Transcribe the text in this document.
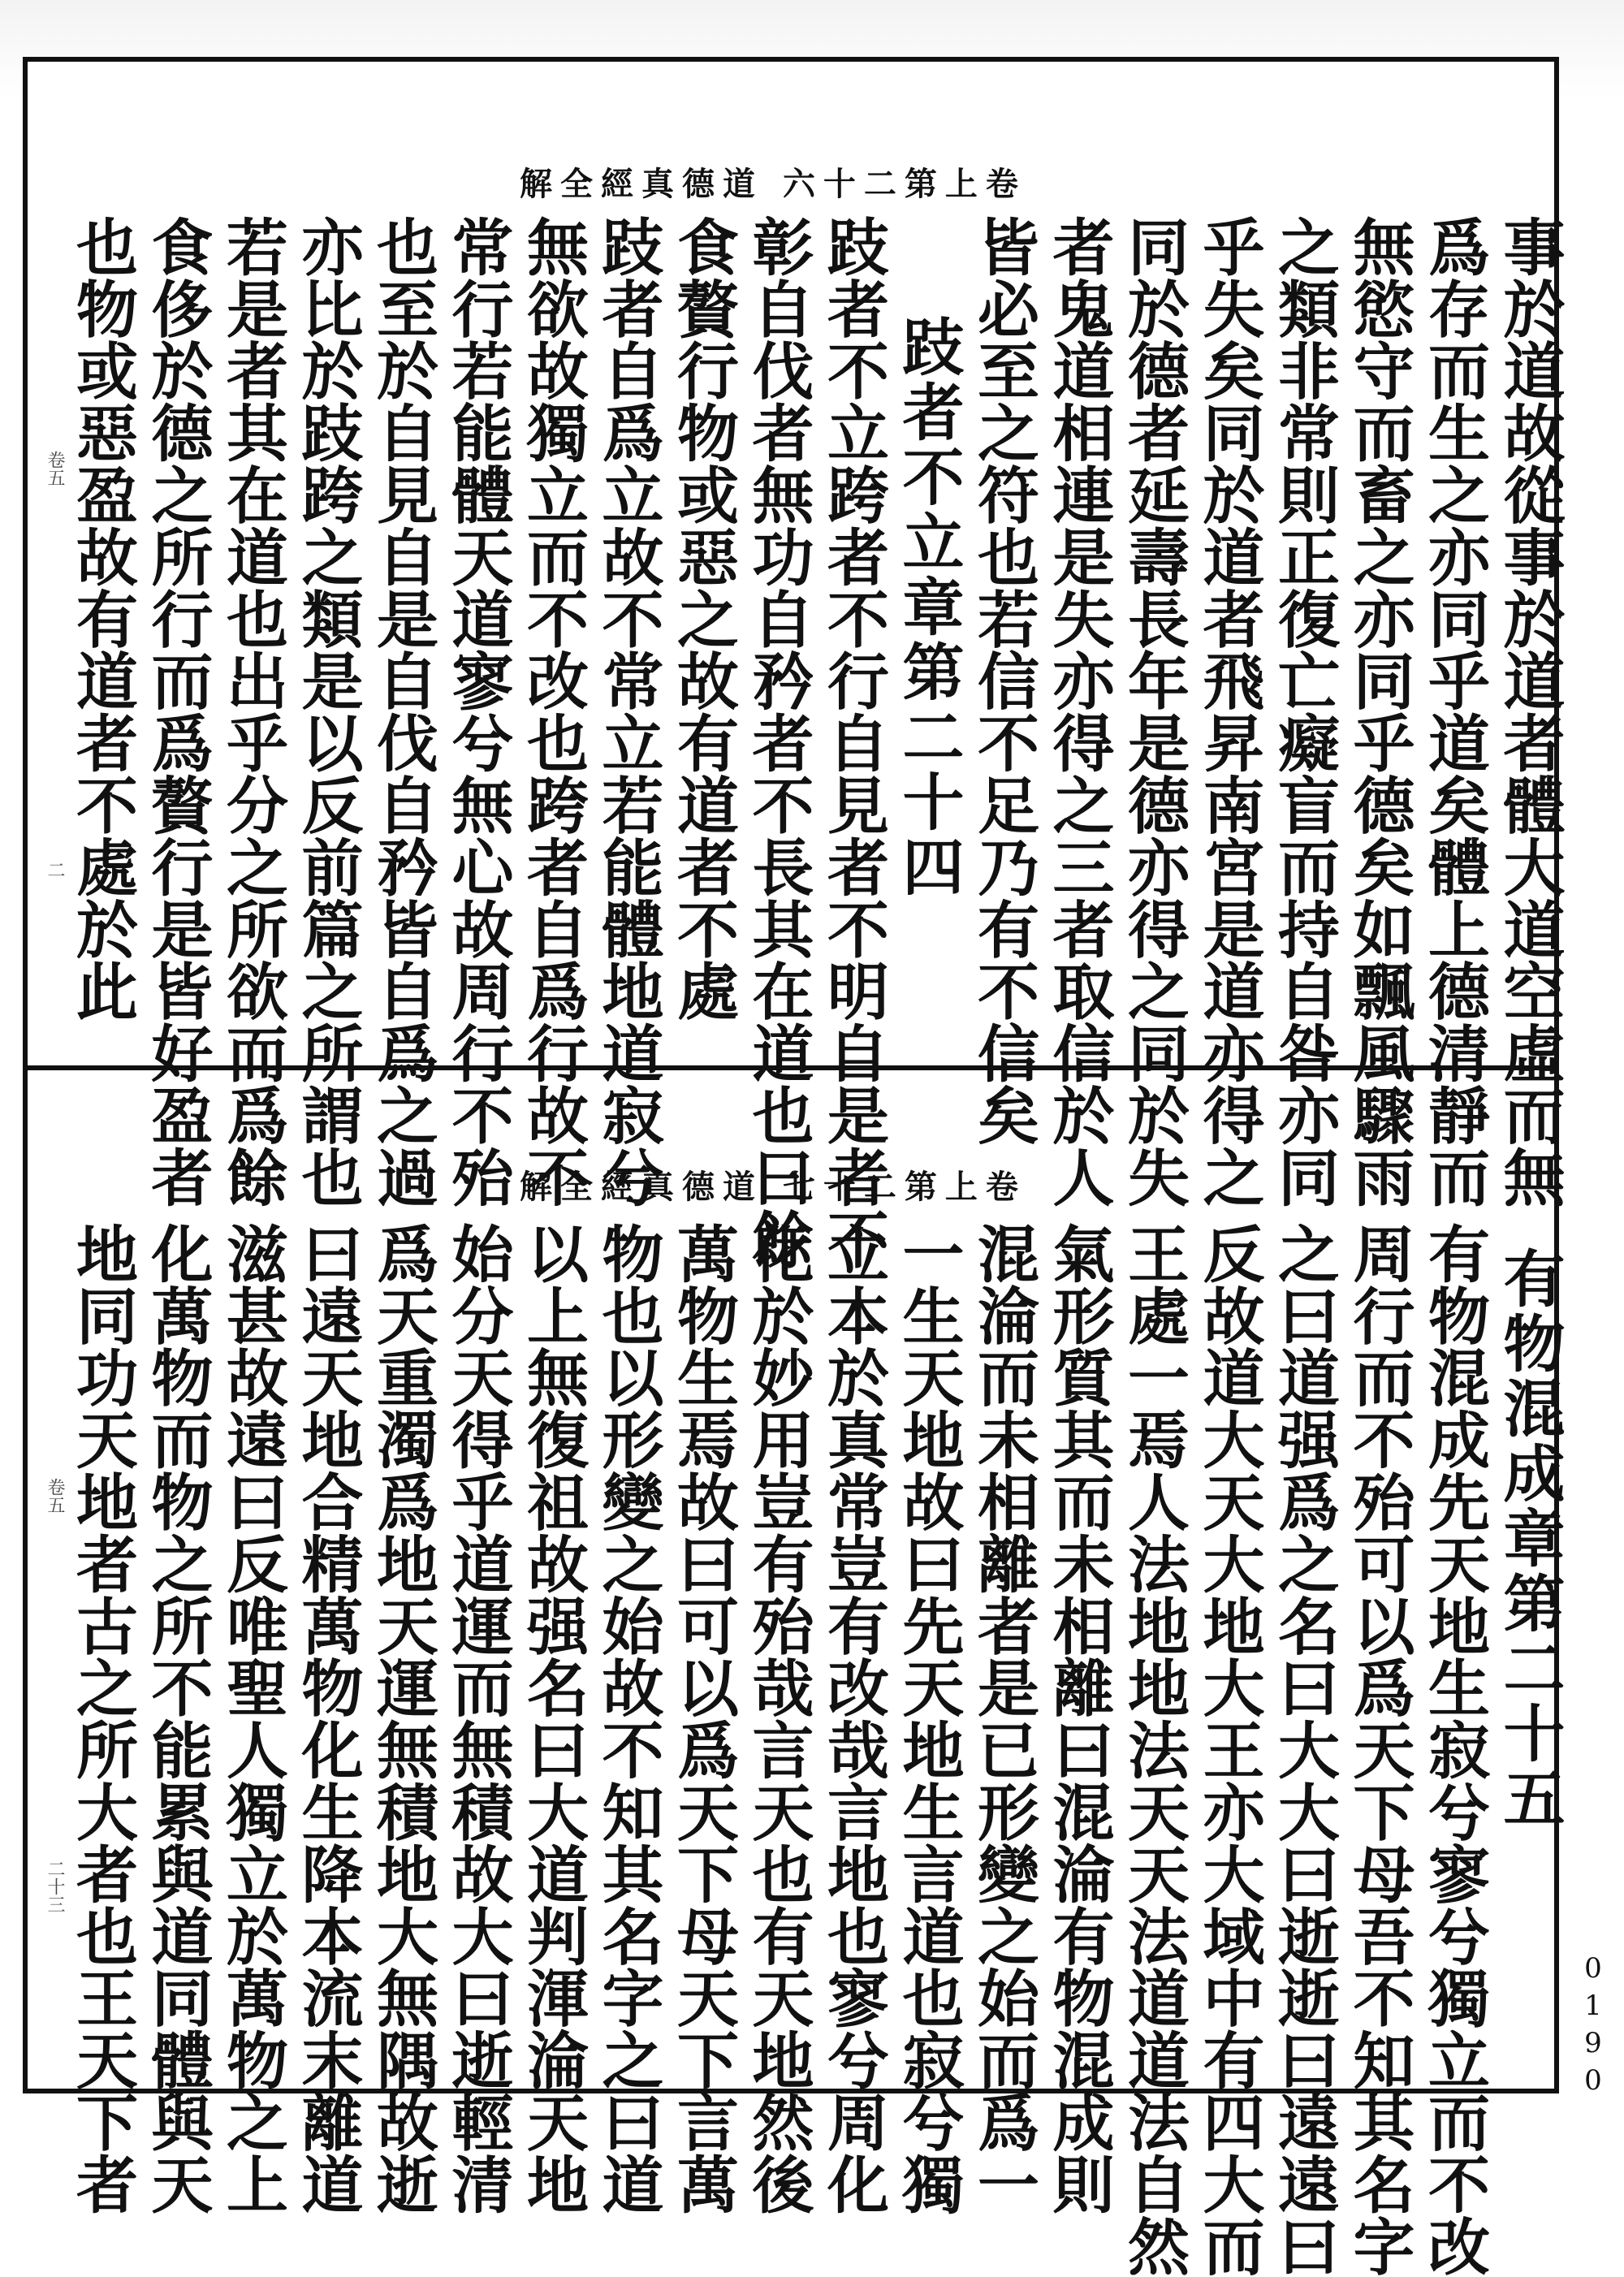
卷上第二十六 道德真經全解
事於道故從事於道者體大道空虛而無
爲存而生之亦同乎道矣體上德清靜而
無慾守而畜之亦同乎德矣如飄風驟雨
之類非常則正復亡癡盲而持自咎亦同
乎失矣同於道者飛昇南宮是道亦得之
同於德者延壽長年是德亦得之同於失
者鬼道相連是失亦得之三者取信於人
皆必至之符也若信不足乃有不信矣
跂者不立章第二十四
跂者不立跨者不行自見者不明自是者不
彰自伐者無功自矜者不長其在道也曰餘
食贅行物或惡之故有道者不處
跂者自爲立故不常立若能體地道寂兮
無欲故獨立而不改也跨者自爲行故不
常行若能體天道寥兮無心故周行不殆
也至於自見自是自伐自矜皆自爲之過
亦比於跂跨之類是以反前篇之所謂也
若是者其在道也出乎分之所欲而爲餘
食侈於德之所行而爲贅行是皆好盈者
也物或惡盈故有道者不處於此
卷五
二
卷上第二十七 道德真經全解
有物混成章第二十五
有物混成先天地生寂兮寥兮獨立而不改
周行而不殆可以爲天下母吾不知其名字
之曰道强爲之名曰大大曰逝逝曰遠遠曰
反故道大天大地大王亦大域中有四大而
王處一焉人法地地法天天法道道法自然
氣形質其而未相離曰混淪有物混成則
混淪而未相離者是已形變之始而爲一
一生天地故曰先天地生言道也寂兮獨
立本於真常豈有改哉言地也寥兮周化
化於妙用豈有殆哉言天也有天地然後
萬物生焉故曰可以爲天下母天下言萬
物也以形變之始故不知其名字之曰道
以上無復祖故强名曰大道判渾淪天地
始分天得乎道運而無積故大曰逝輕清
爲天重濁爲地天運無積地大無隅故逝
曰遠天地合精萬物化生降本流末離道
滋甚故遠曰反唯聖人獨立於萬物之上
化萬物而物之所不能累與道同體與天
地同功天地者古之所大者也王天下者
卷五
二十三
0190
